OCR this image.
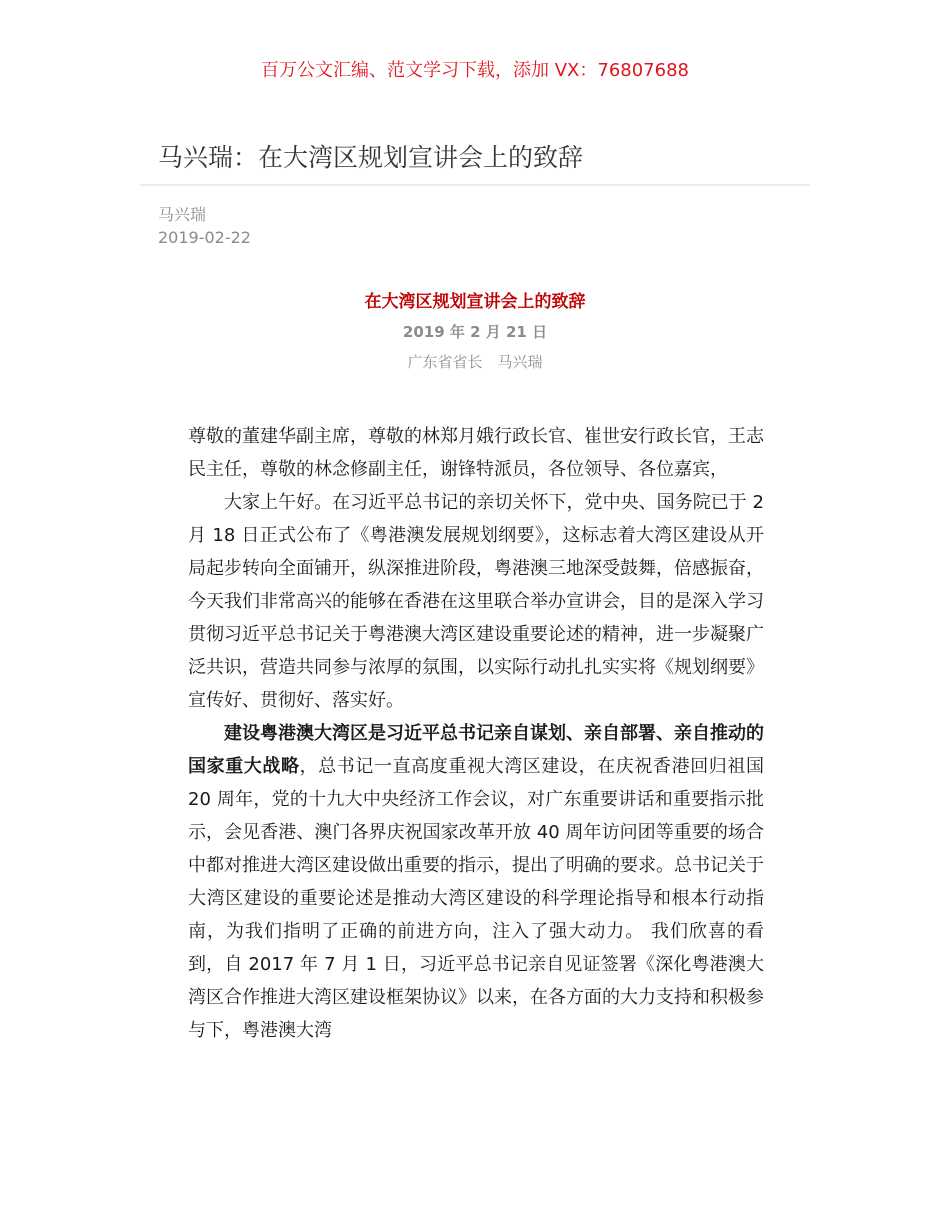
百万公文汇编、范文学习下载，添加 VX：76807688
马兴瑞：在大湾区规划宣讲会上的致辞
马兴瑞
2019-02-22
在大湾区规划宣讲会上的致辞
2019 年 2 月 21 日
广东省省长　马兴瑞

尊敬的董建华副主席，尊敬的林郑月娥行政长官、崔世安行政长官，王志民主任，尊敬的林念修副主任，谢锋特派员，各位领导、各位嘉宾，

大家上午好。在习近平总书记的亲切关怀下，党中央、国务院已于 2 月 18 日正式公布了《粤港澳发展规划纲要》，这标志着大湾区建设从开局起步转向全面铺开，纵深推进阶段，粤港澳三地深受鼓舞，倍感振奋，今天我们非常高兴的能够在香港在这里联合举办宣讲会，目的是深入学习贯彻习近平总书记关于粤港澳大湾区建设重要论述的精神，进一步凝聚广泛共识，营造共同参与浓厚的氛围，以实际行动扎扎实实将《规划纲要》宣传好、贯彻好、落实好。

建设粤港澳大湾区是习近平总书记亲自谋划、亲自部署、亲自推动的国家重大战略，总书记一直高度重视大湾区建设，在庆祝香港回归祖国 20 周年，党的十九大中央经济工作会议，对广东重要讲话和重要指示批示，会见香港、澳门各界庆祝国家改革开放 40 周年访问团等重要的场合中都对推进大湾区建设做出重要的指示，提出了明确的要求。总书记关于大湾区建设的重要论述是推动大湾区建设的科学理论指导和根本行动指南，为我们指明了正确的前进方向，注入了强大动力。 我们欣喜的看到，自 2017 年 7 月 1 日，习近平总书记亲自见证签署《深化粤港澳大湾区合作推进大湾区建设框架协议》以来，在各方面的大力支持和积极参与下，粤港澳大湾
